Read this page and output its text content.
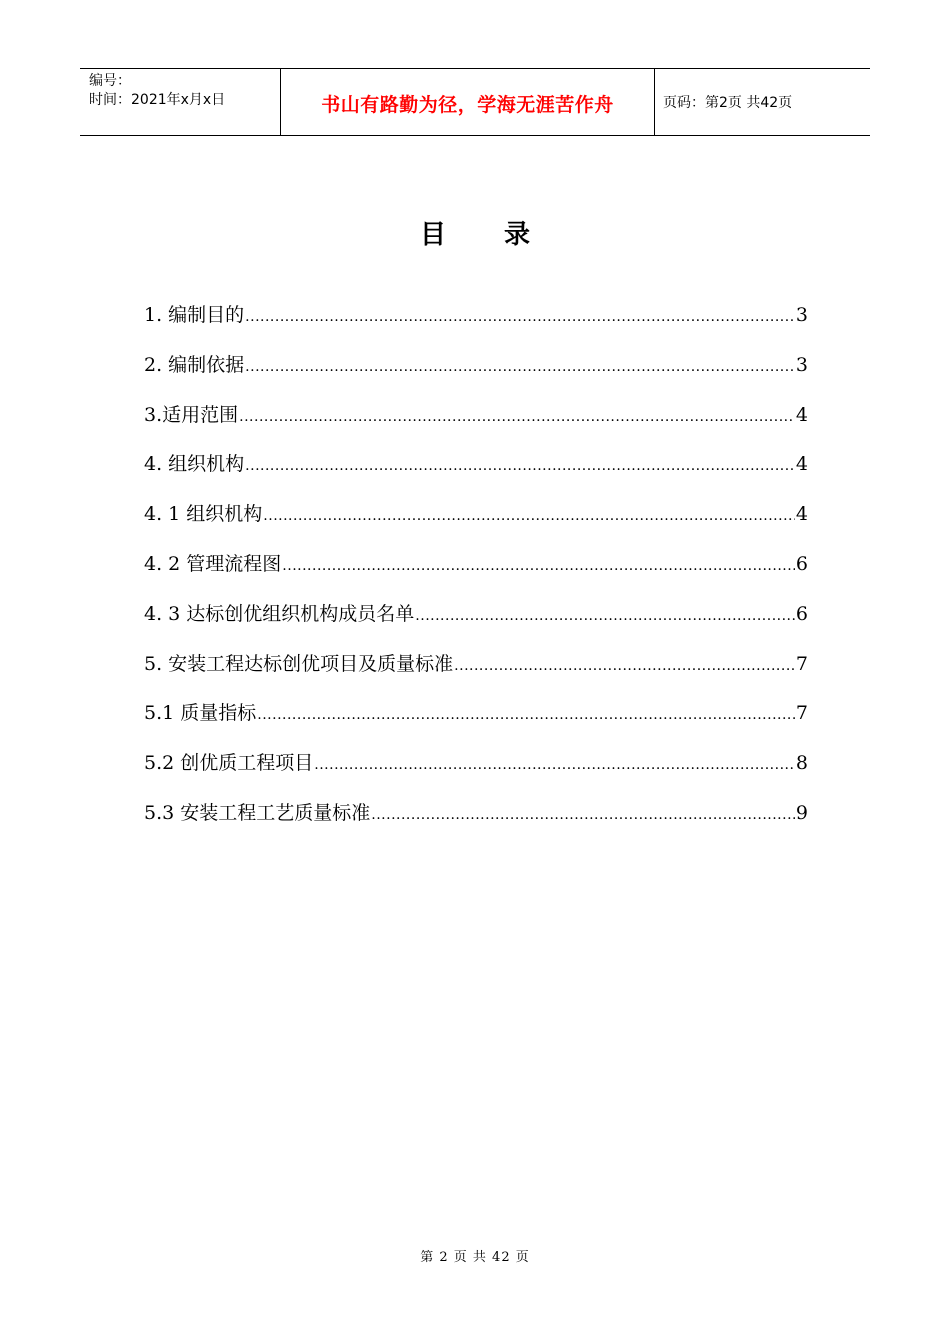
编号：
时间：2021年x月x日	书山有路勤为径，学海无涯苦作舟	页码：第2页 共42页
目 录
1. 编制目的 .....	3
2. 编制依据 .....	3
3.适用范围 .....	4
4. 组织机构 .....	4
4. 1 组织机构 .....	4
4. 2 管理流程图 .....	6
4. 3 达标创优组织机构成员名单 .....	6
5. 安装工程达标创优项目及质量标准 .....	7
5.1 质量指标 .....	7
5.2 创优质工程项目 .....	8
5.3 安装工程工艺质量标准 .....	9
第 2 页 共 42 页
